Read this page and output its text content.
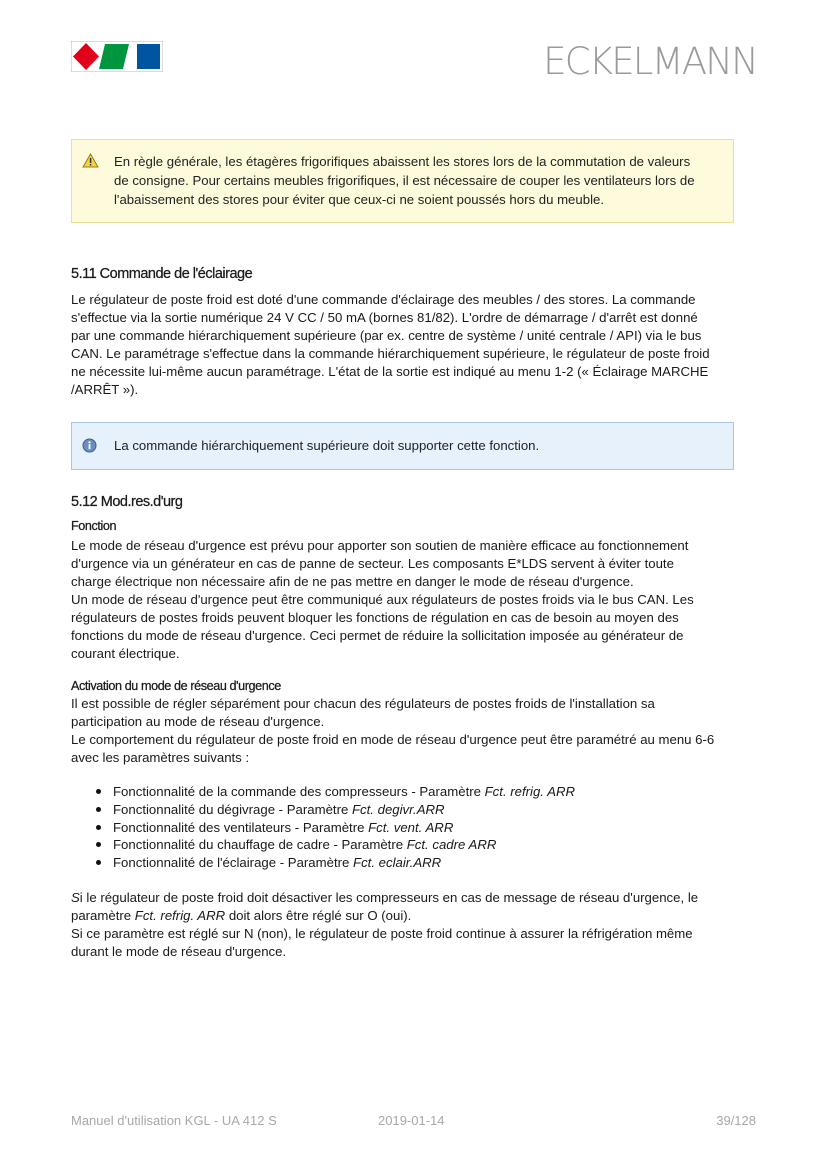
ECKELMANN
En règle générale, les étagères frigorifiques abaissent les stores lors de la commutation de valeurs
de consigne. Pour certains meubles frigorifiques, il est nécessaire de couper les ventilateurs lors de
l'abaissement des stores pour éviter que ceux-ci ne soient poussés hors du meuble.
5.11 Commande de l'éclairage
Le régulateur de poste froid est doté d'une commande d'éclairage des meubles / des stores. La commande
s'effectue via la sortie numérique 24 V CC / 50 mA (bornes 81/82). L'ordre de démarrage / d'arrêt est donné
par une commande hiérarchiquement supérieure (par ex. centre de système / unité centrale / API) via le bus
CAN. Le paramétrage s'effectue dans la commande hiérarchiquement supérieure, le régulateur de poste froid
ne nécessite lui-même aucun paramétrage. L'état de la sortie est indiqué au menu 1-2 (« Éclairage MARCHE
/ARRÊT »).
La commande hiérarchiquement supérieure doit supporter cette fonction.
5.12 Mod.res.d'urg
Fonction
Le mode de réseau d'urgence est prévu pour apporter son soutien de manière efficace au fonctionnement
d'urgence via un générateur en cas de panne de secteur. Les composants E*LDS servent à éviter toute
charge électrique non nécessaire afin de ne pas mettre en danger le mode de réseau d'urgence.
Un mode de réseau d'urgence peut être communiqué aux régulateurs de postes froids via le bus CAN. Les
régulateurs de postes froids peuvent bloquer les fonctions de régulation en cas de besoin au moyen des
fonctions du mode de réseau d'urgence. Ceci permet de réduire la sollicitation imposée au générateur de
courant électrique.
Activation du mode de réseau d'urgence
Il est possible de régler séparément pour chacun des régulateurs de postes froids de l'installation sa
participation au mode de réseau d'urgence.
Le comportement du régulateur de poste froid en mode de réseau d'urgence peut être paramétré au menu 6-6
avec les paramètres suivants :
Fonctionnalité de la commande des compresseurs - Paramètre Fct. refrig. ARR
Fonctionnalité du dégivrage - Paramètre Fct. degivr.ARR
Fonctionnalité des ventilateurs - Paramètre Fct. vent. ARR
Fonctionnalité du chauffage de cadre - Paramètre Fct. cadre ARR
Fonctionnalité de l'éclairage - Paramètre Fct. eclair.ARR
Si le régulateur de poste froid doit désactiver les compresseurs en cas de message de réseau d'urgence, le
paramètre Fct. refrig. ARR doit alors être réglé sur O (oui).
Si ce paramètre est réglé sur N (non), le régulateur de poste froid continue à assurer la réfrigération même
durant le mode de réseau d'urgence.
Manuel d'utilisation KGL - UA 412 S	2019-01-14	39/128
